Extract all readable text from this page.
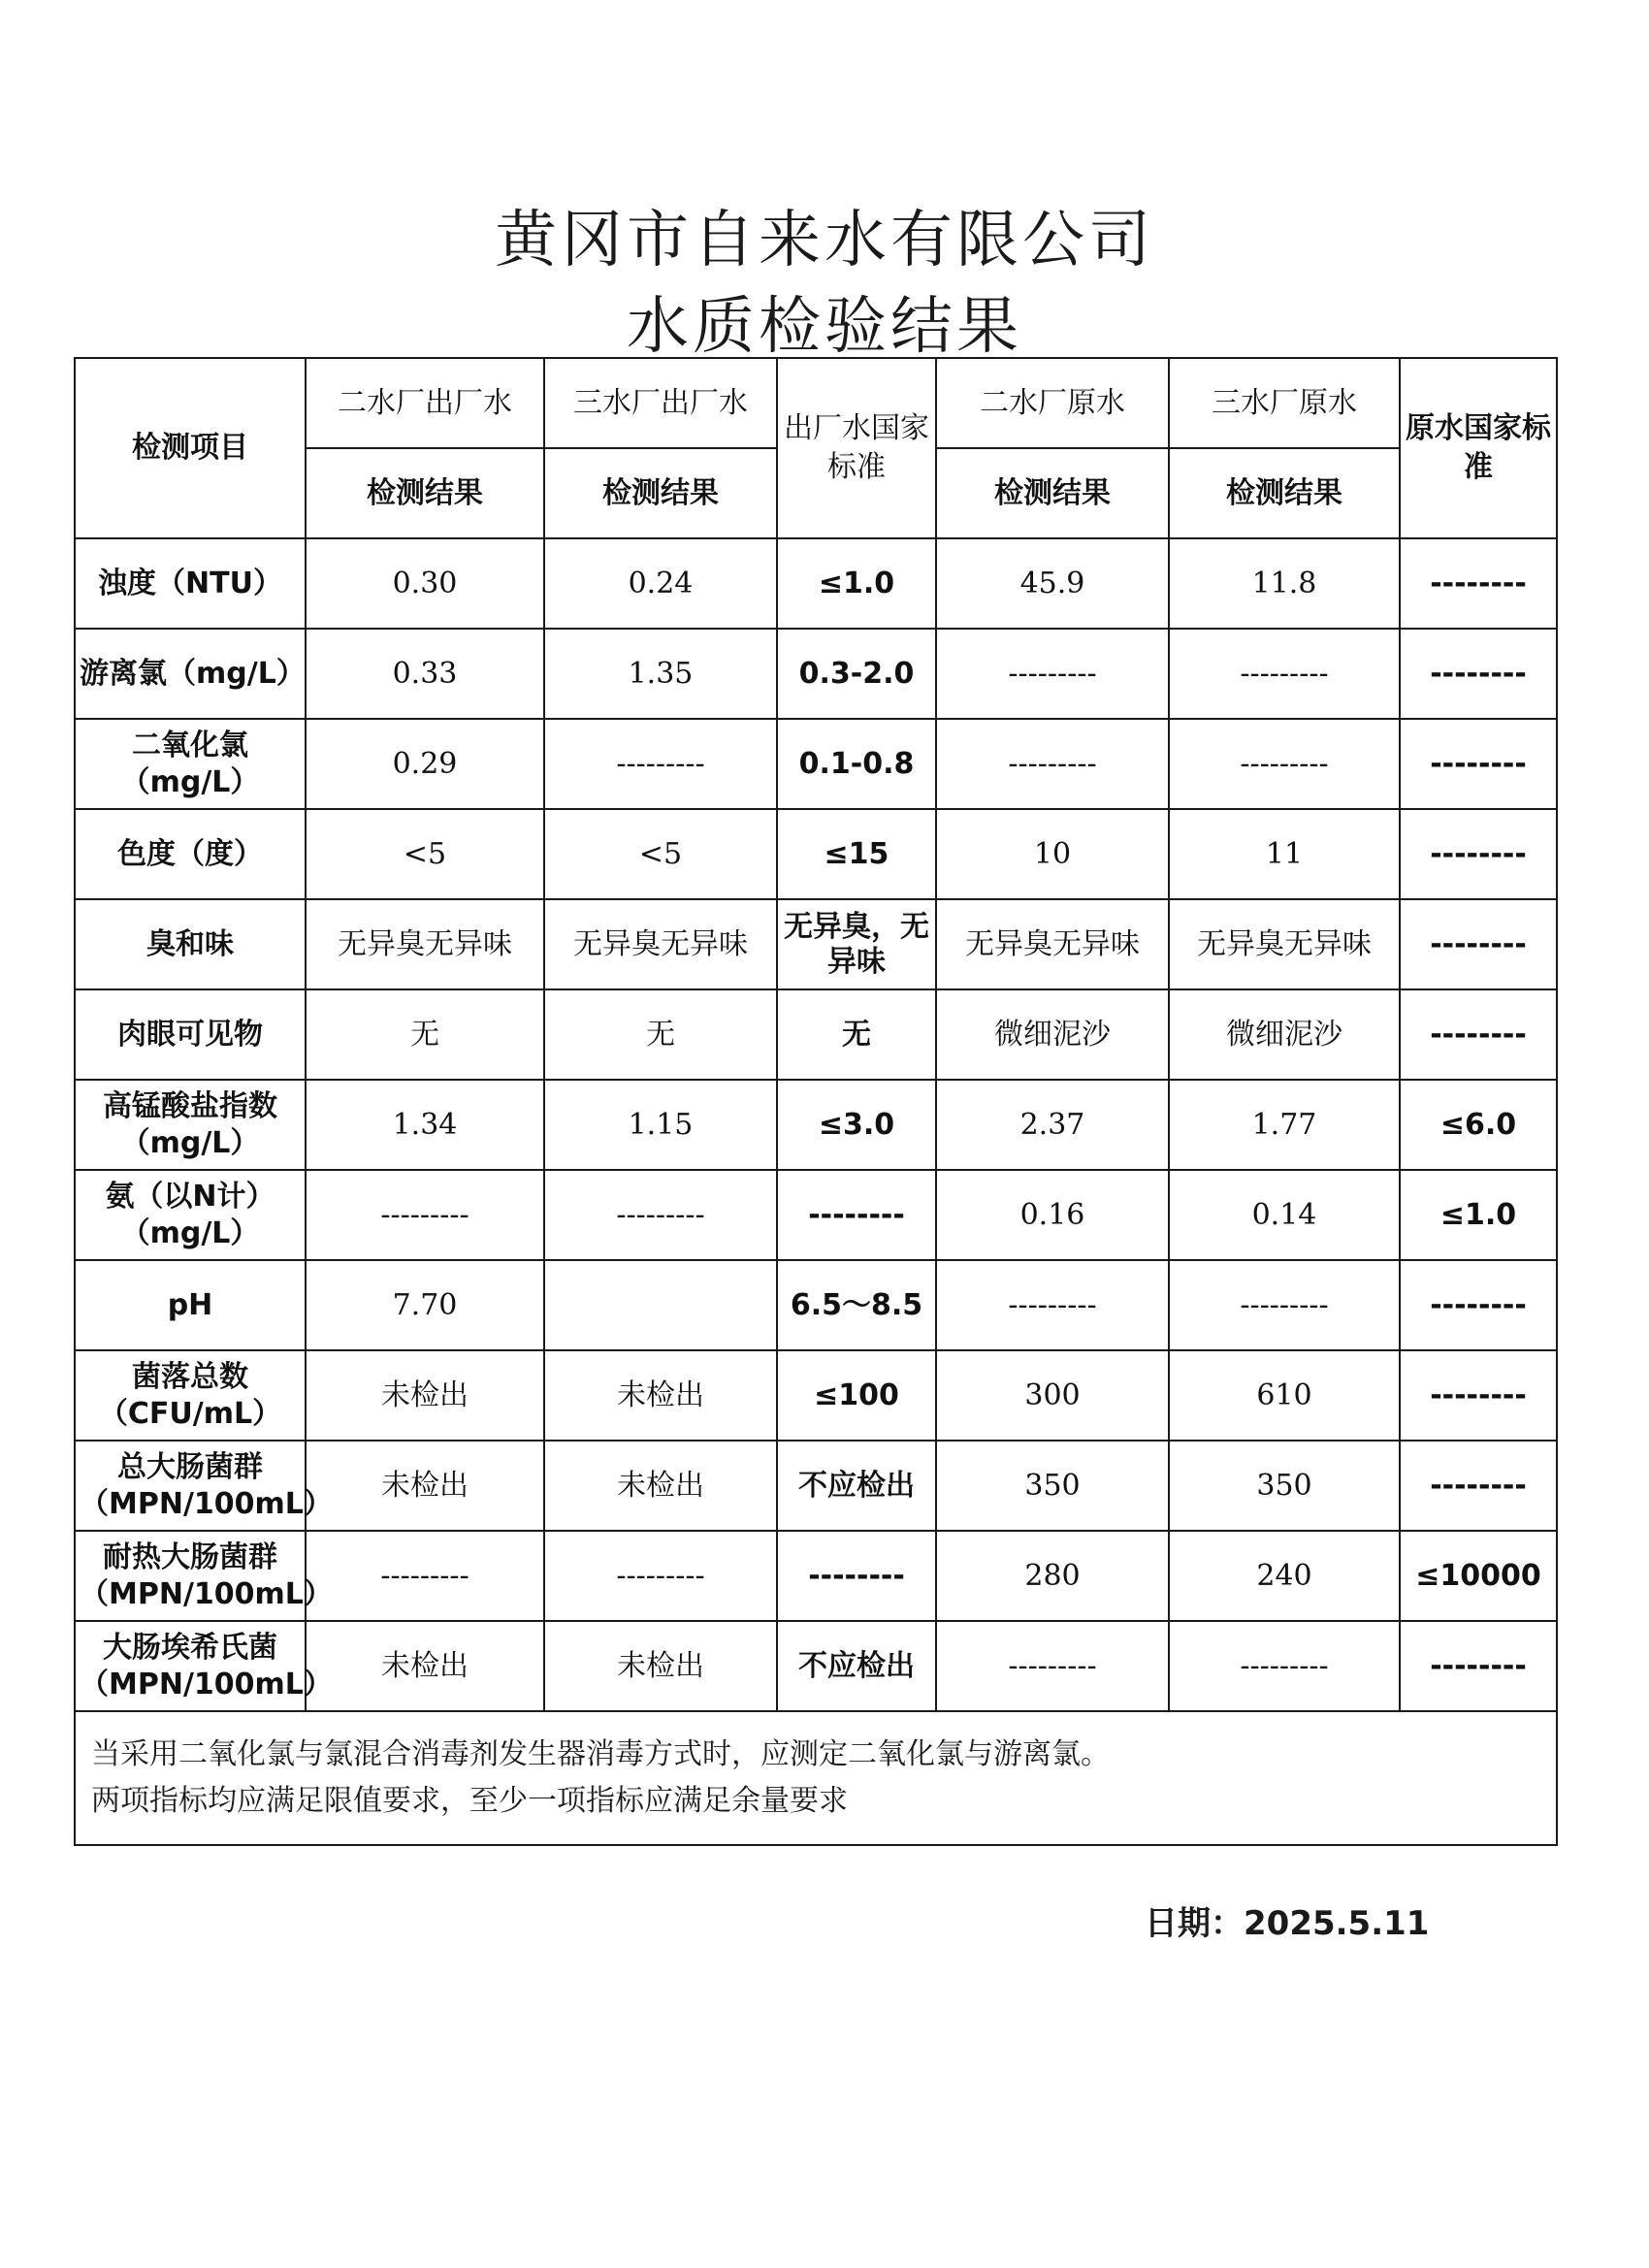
黄冈市自来水有限公司
水质检验结果
检测项目	二水厂出厂水	三水厂出厂水	出厂水国家标准	二水厂原水	三水厂原水	原水国家标准
	检测结果	检测结果		检测结果	检测结果	
浊度（NTU）	0.30	0.24	≤1.0	45.9	11.8	--------
游离氯（mg/L）	0.33	1.35	0.3-2.0	---------	---------	--------
二氧化氯（mg/L）	0.29	---------	0.1-0.8	---------	---------	--------
色度（度）	<5	<5	≤15	10	11	--------
臭和味	无异臭无异味	无异臭无异味	无异臭，无异味	无异臭无异味	无异臭无异味	--------
肉眼可见物	无	无	无	微细泥沙	微细泥沙	--------
高锰酸盐指数（mg/L）	1.34	1.15	≤3.0	2.37	1.77	≤6.0
氨（以N计）（mg/L）	---------	---------	--------	0.16	0.14	≤1.0
pH	7.70		6.5～8.5	---------	---------	--------
菌落总数（CFU/mL）	未检出	未检出	≤100	300	610	--------
总大肠菌群（MPN/100mL）	未检出	未检出	不应检出	350	350	--------
耐热大肠菌群（MPN/100mL）	---------	---------	--------	280	240	≤10000
大肠埃希氏菌（MPN/100mL）	未检出	未检出	不应检出	---------	---------	--------

当采用二氧化氯与氯混合消毒剂发生器消毒方式时，应测定二氧化氯与游离氯。
两项指标均应满足限值要求，至少一项指标应满足余量要求						
日期：2025.5.11
